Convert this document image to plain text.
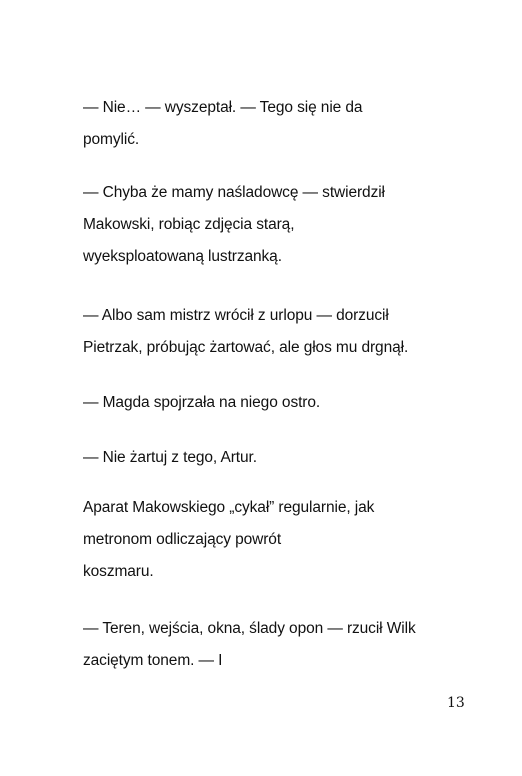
— Nie… — wyszeptał. — Tego się nie da
pomylić.
— Chyba że mamy naśladowcę — stwierdził
Makowski, robiąc zdjęcia starą,
wyeksploatowaną lustrzanką.
— Albo sam mistrz wrócił z urlopu — dorzucił
Pietrzak, próbując żartować, ale głos mu drgnął.
— Magda spojrzała na niego ostro.
— Nie żartuj z tego, Artur.
Aparat Makowskiego „cykał” regularnie, jak
metronom odliczający powrót
koszmaru.
— Teren, wejścia, okna, ślady opon — rzucił Wilk
zaciętym tonem. — I
13
